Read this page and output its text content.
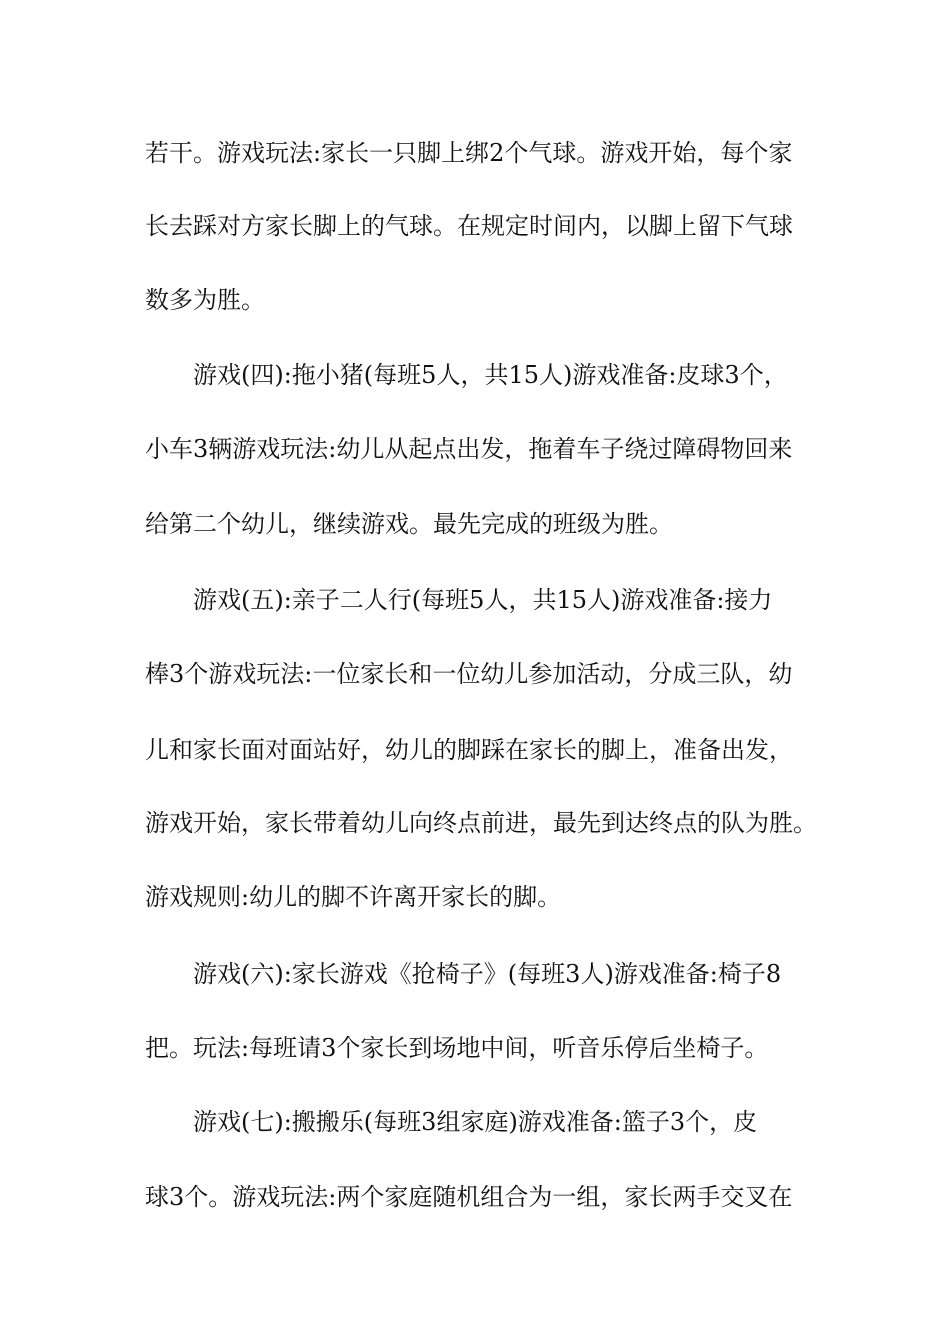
若干。游戏玩法:家长一只脚上绑2个气球。游戏开始，每个家
长去踩对方家长脚上的气球。在规定时间内，以脚上留下气球
数多为胜。
游戏(四):拖小猪(每班5人，共15人)游戏准备:皮球3个，
小车3辆游戏玩法:幼儿从起点出发，拖着车子绕过障碍物回来
给第二个幼儿，继续游戏。最先完成的班级为胜。
游戏(五):亲子二人行(每班5人，共15人)游戏准备:接力
棒3个游戏玩法:一位家长和一位幼儿参加活动，分成三队，幼
儿和家长面对面站好，幼儿的脚踩在家长的脚上，准备出发，
游戏开始，家长带着幼儿向终点前进，最先到达终点的队为胜。
游戏规则:幼儿的脚不许离开家长的脚。
游戏(六):家长游戏《抢椅子》(每班3人)游戏准备:椅子8
把。玩法:每班请3个家长到场地中间，听音乐停后坐椅子。
游戏(七):搬搬乐(每班3组家庭)游戏准备:篮子3个，皮
球3个。游戏玩法:两个家庭随机组合为一组，家长两手交叉在
